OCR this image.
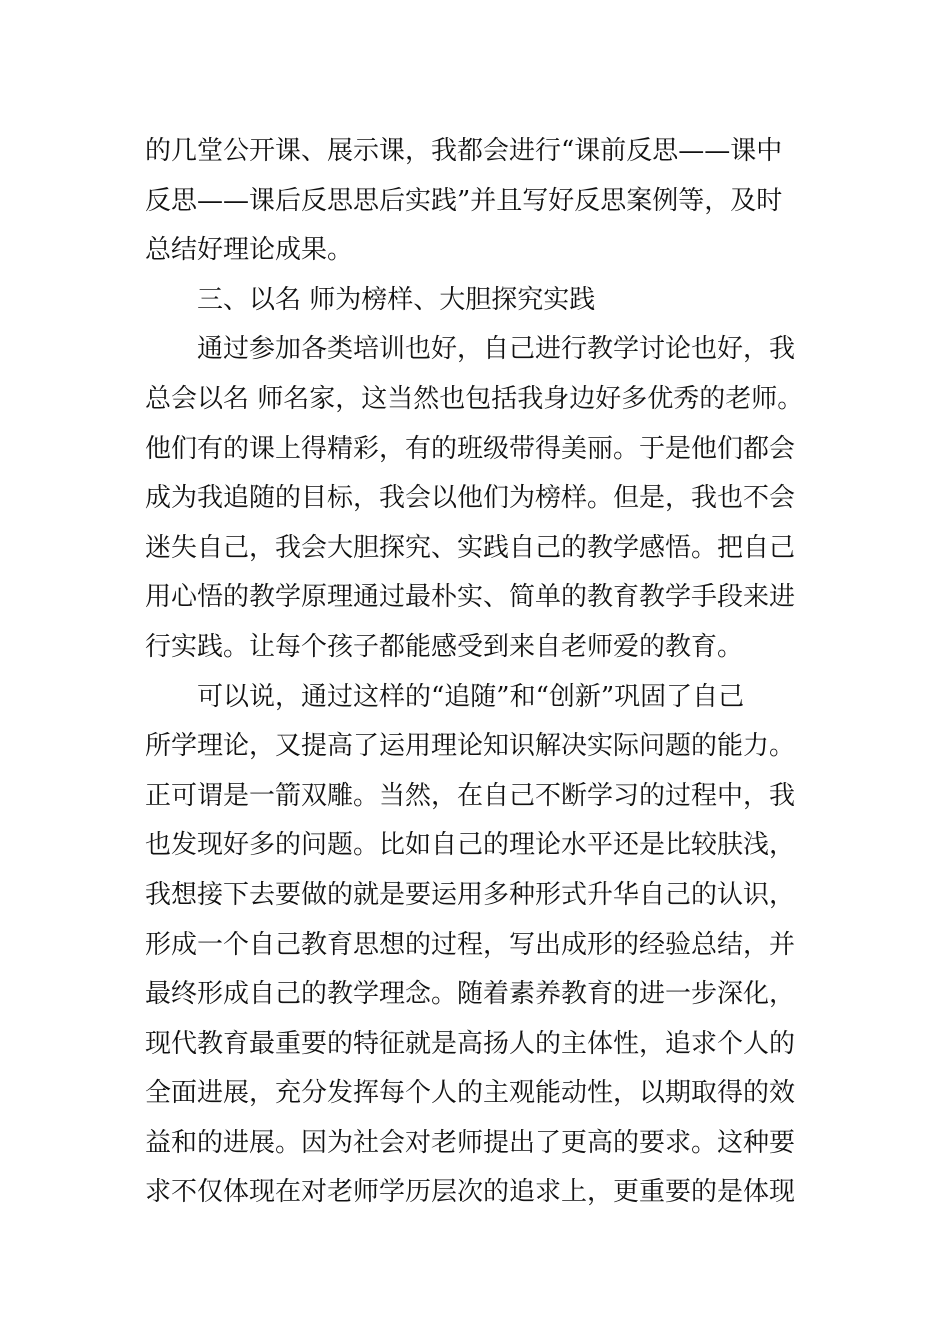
的几堂公开课、展示课，我都会进行“课前反思——课中
反思——课后反思思后实践”并且写好反思案例等，及时
总结好理论成果。
三、以名 师为榜样、大胆探究实践
通过参加各类培训也好，自己进行教学讨论也好，我
总会以名 师名家，这当然也包括我身边好多优秀的老师。
他们有的课上得精彩，有的班级带得美丽。于是他们都会
成为我追随的目标，我会以他们为榜样。但是，我也不会
迷失自己，我会大胆探究、实践自己的教学感悟。把自己
用心悟的教学原理通过最朴实、简单的教育教学手段来进
行实践。让每个孩子都能感受到来自老师爱的教育。
可以说，通过这样的“追随”和“创新”巩固了自己
所学理论，又提高了运用理论知识解决实际问题的能力。
正可谓是一箭双雕。当然，在自己不断学习的过程中，我
也发现好多的问题。比如自己的理论水平还是比较肤浅，
我想接下去要做的就是要运用多种形式升华自己的认识，
形成一个自己教育思想的过程，写出成形的经验总结，并
最终形成自己的教学理念。随着素养教育的进一步深化，
现代教育最重要的特征就是高扬人的主体性，追求个人的
全面进展，充分发挥每个人的主观能动性，以期取得的效
益和的进展。因为社会对老师提出了更高的要求。这种要
求不仅体现在对老师学历层次的追求上，更重要的是体现
